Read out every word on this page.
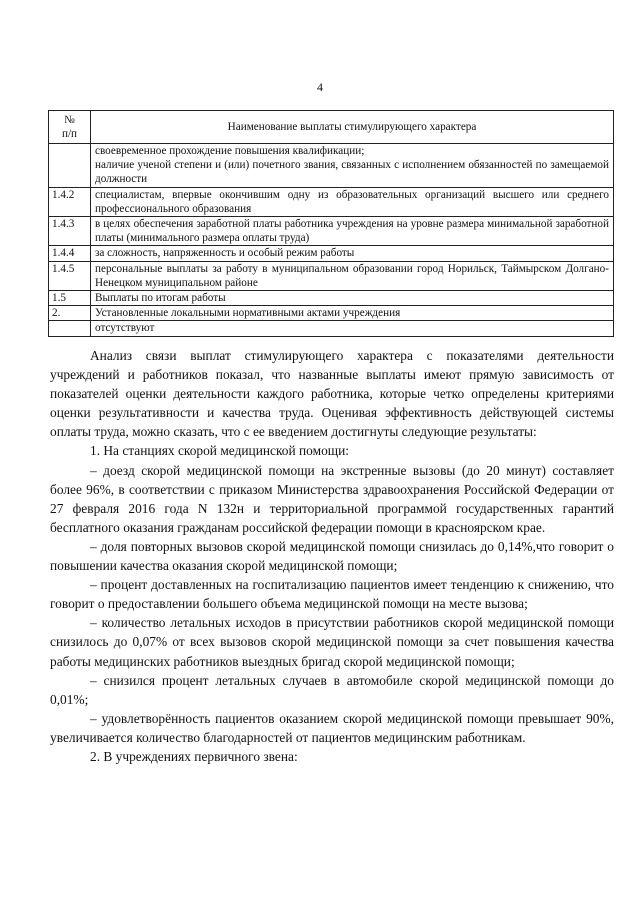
4
№
п/п	Наименование выплаты стимулирующего характера

	своевременное прохождение повышения квалификации;
наличие ученой степени и (или) почетного звания, связанных с исполнением обязанностей по замещаемой должности

1.4.2	специалистам, впервые окончившим одну из образовательных организаций высшего или среднего профессионального образования
1.4.3	в целях обеспечения заработной платы работника учреждения на уровне размера минимальной заработной платы (минимального размера оплаты труда)
1.4.4	за сложность, напряженность и особый режим работы
1.4.5	персональные выплаты за работу в муниципальном образовании город Норильск, Таймырском Долгано-Ненецком муниципальном районе
1.5	Выплаты по итогам работы
2.	Установленные локальными нормативными актами учреждения
	отсутствуют

Анализ связи выплат стимулирующего характера с показателями деятельности учреждений и работников показал, что названные выплаты имеют прямую зависимость от показателей оценки деятельности каждого работника, которые четко определены критериями оценки результативности и качества труда. Оценивая эффективность действующей системы оплаты труда, можно сказать, что с ее введением достигнуты следующие результаты:

1. На станциях скорой медицинской помощи:

– доезд скорой медицинской помощи на экстренные вызовы (до 20 минут) составляет более 96%, в соответствии с приказом Министерства здравоохранения Российской Федерации от 27 февраля 2016 года N 132н и территориальной программой государственных гарантий бесплатного оказания гражданам российской федерации помощи в красноярском крае.

– доля повторных вызовов скорой медицинской помощи снизилась до 0,14%,что говорит о повышении качества оказания скорой медицинской помощи;

– процент доставленных на госпитализацию пациентов имеет тенденцию к снижению, что говорит о предоставлении большего объема медицинской помощи на месте вызова;

– количество летальных исходов в присутствии работников скорой медицинской помощи снизилось до 0,07% от всех вызовов скорой медицинской помощи за счет повышения качества работы медицинских работников выездных бригад скорой медицинской помощи;

– снизился процент летальных случаев в автомобиле скорой медицинской помощи до 0,01%;

– удовлетворённость пациентов оказанием скорой медицинской помощи превышает 90%, увеличивается количество благодарностей от пациентов медицинским работникам.

2. В учреждениях первичного звена:
